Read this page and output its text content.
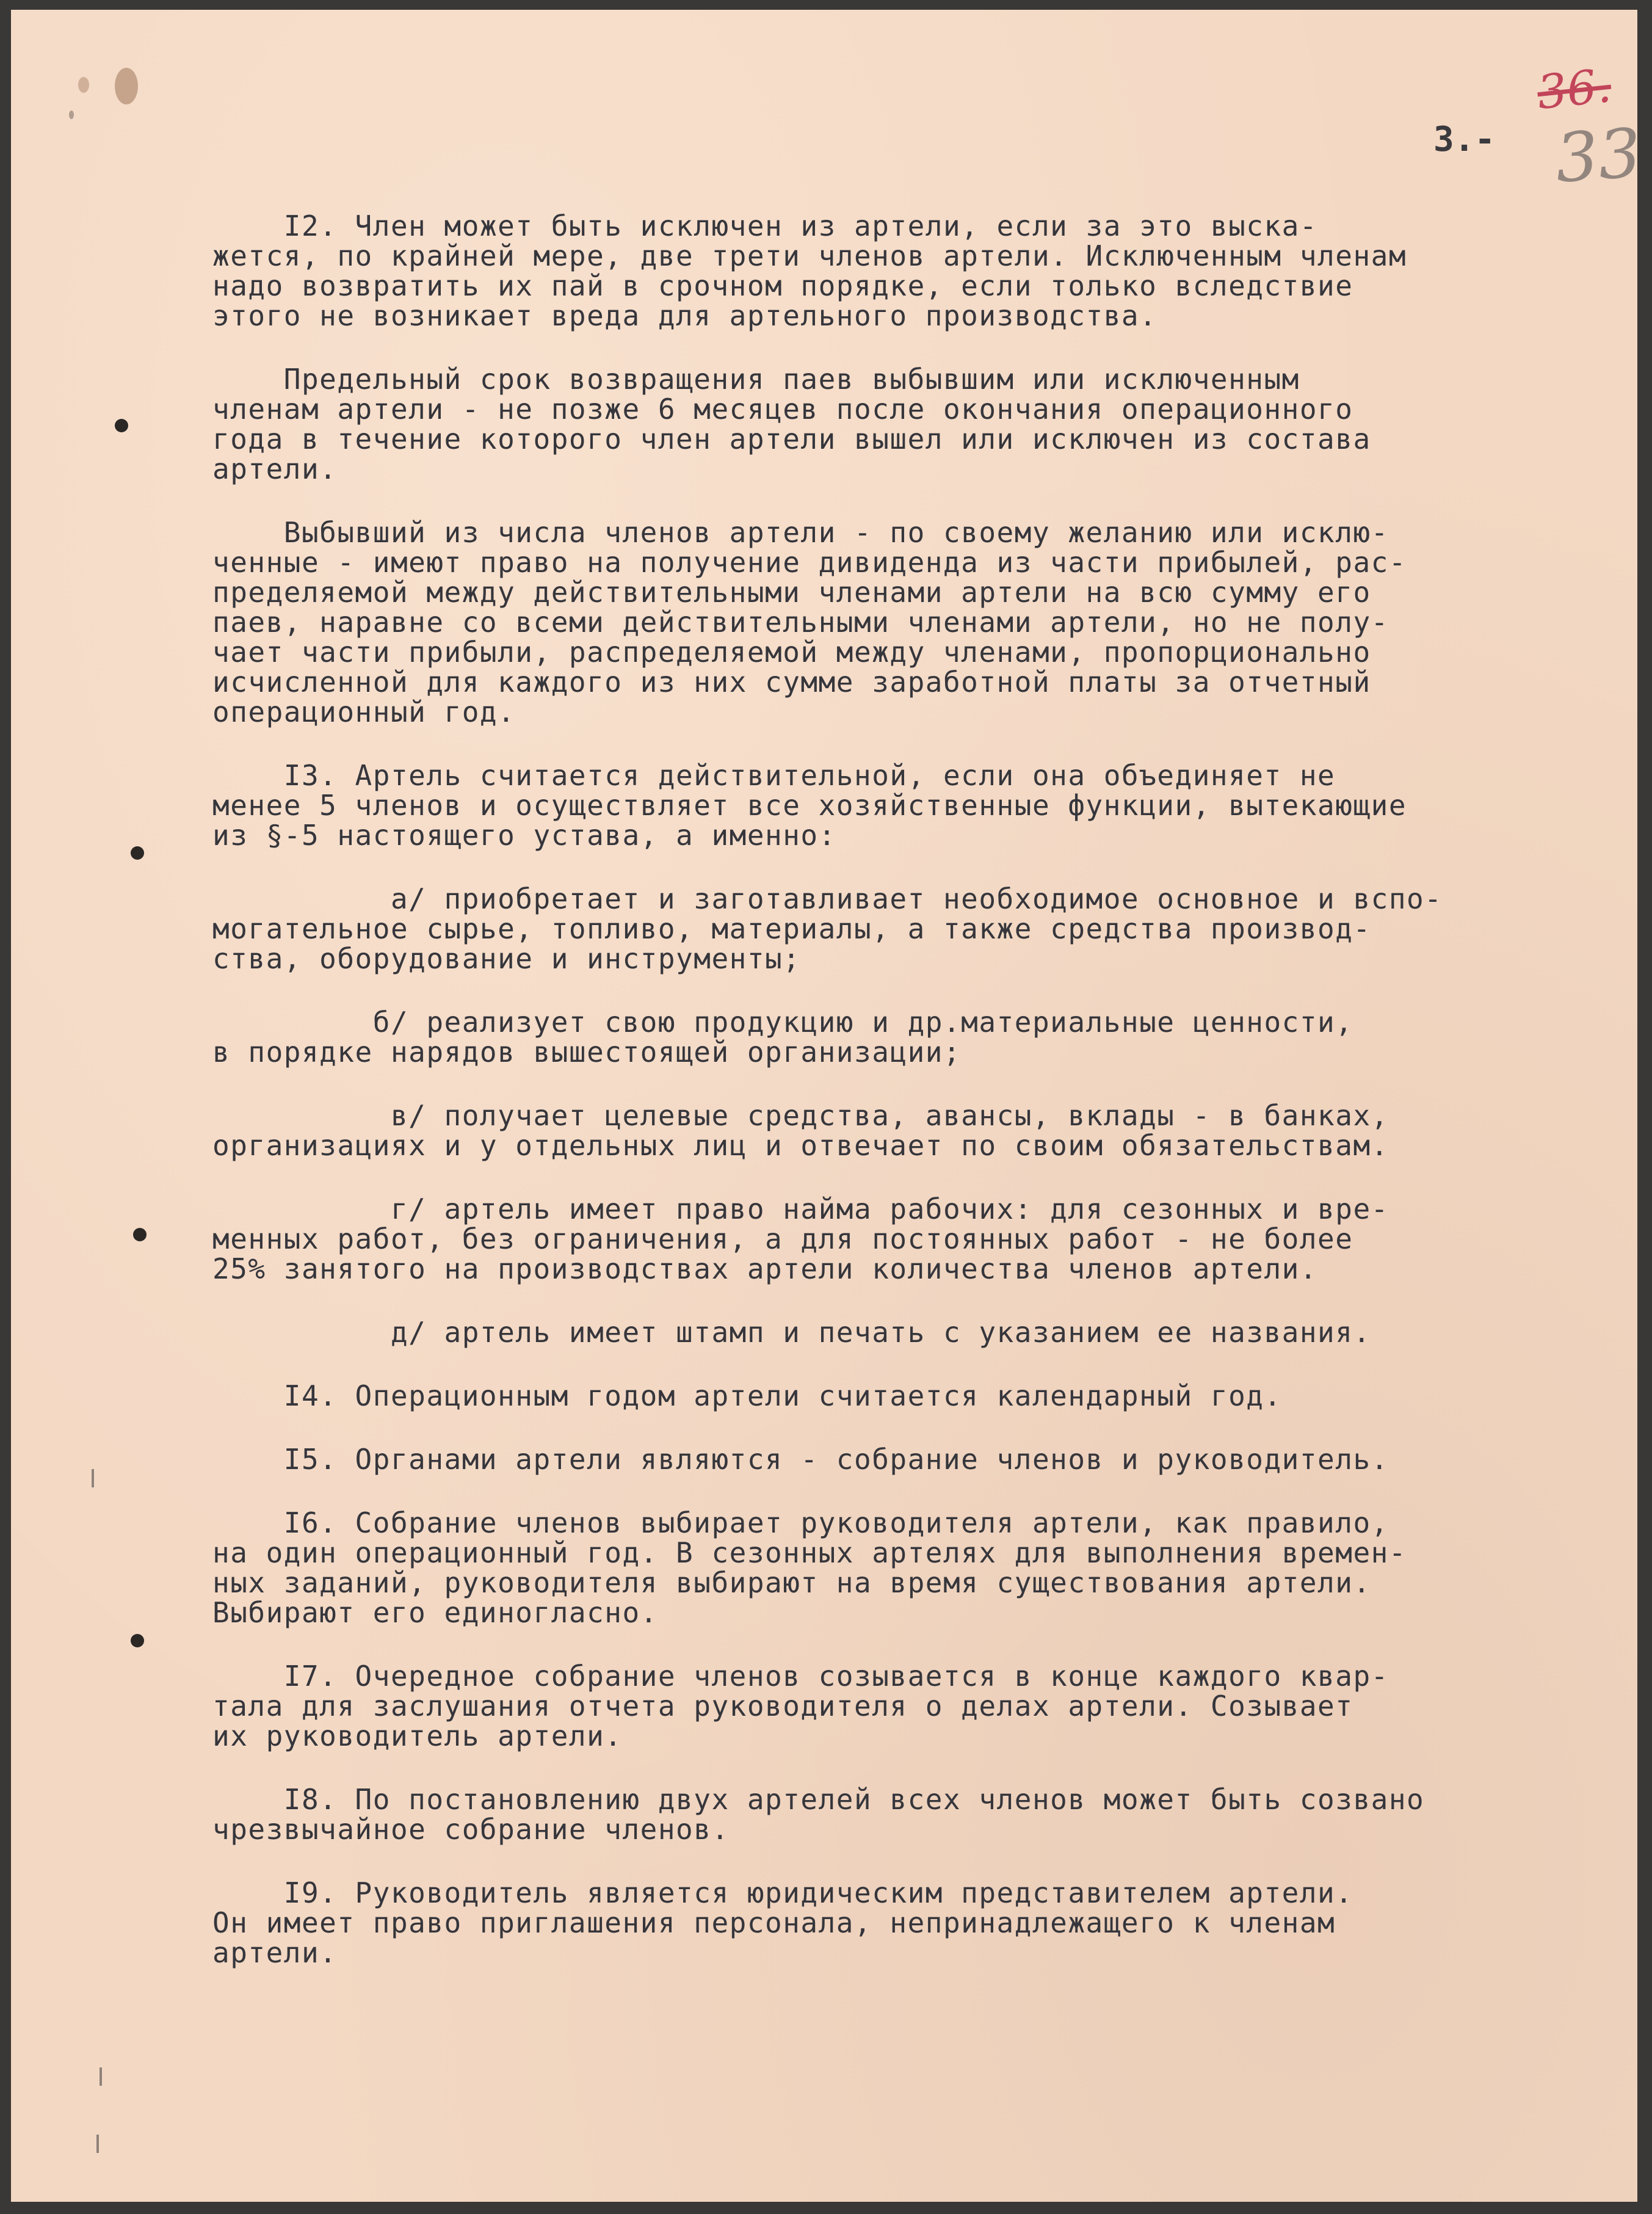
36.
33
3.-
I2. Член может быть исключен из артели, если за это выска-
жется, по крайней мере, две трети членов артели. Исключенным членам
надо возвратить их пай в срочном порядке, если только вследствие
этого не возникает вреда для артельного производства.
Предельный срок возвращения паев выбывшим или исключенным
членам артели - не позже 6 месяцев после окончания операционного
года в течение которого член артели вышел или исключен из состава
артели.
Выбывший из числа членов артели - по своему желанию или исклю-
ченные - имеют право на получение дивиденда из части прибылей, рас-
пределяемой между действительными членами артели на всю сумму его
паев, наравне со всеми действительными членами артели, но не полу-
чает части прибыли, распределяемой между членами, пропорционально
исчисленной для каждого из них сумме заработной платы за отчетный
операционный год.
I3. Артель считается действительной, если она объединяет не
менее 5 членов и осуществляет все хозяйственные функции, вытекающие
из §-5 настоящего устава, а именно:
а/ приобретает и заготавливает необходимое основное и вспо-
могательное сырье, топливо, материалы, а также средства производ-
ства, оборудование и инструменты;
б/ реализует свою продукцию и др.материальные ценности,
в порядке нарядов вышестоящей организации;
в/ получает целевые средства, авансы, вклады - в банках,
организациях и у отдельных лиц и отвечает по своим обязательствам.
г/ артель имеет право найма рабочих: для сезонных и вре-
менных работ, без ограничения, а для постоянных работ - не более
25% занятого на производствах артели количества членов артели.
д/ артель имеет штамп и печать с указанием ее названия.
I4. Операционным годом артели считается календарный год.
I5. Органами артели являются - собрание членов и руководитель.
I6. Собрание членов выбирает руководителя артели, как правило,
на один операционный год. В сезонных артелях для выполнения времен-
ных заданий, руководителя выбирают на время существования артели.
Выбирают его единогласно.
I7. Очередное собрание членов созывается в конце каждого квар-
тала для заслушания отчета руководителя о делах артели. Созывает
их руководитель артели.
I8. По постановлению двух артелей всех членов может быть созвано
чрезвычайное собрание членов.
I9. Руководитель является юридическим представителем артели.
Он имеет право приглашения персонала, непринадлежащего к членам
артели.
